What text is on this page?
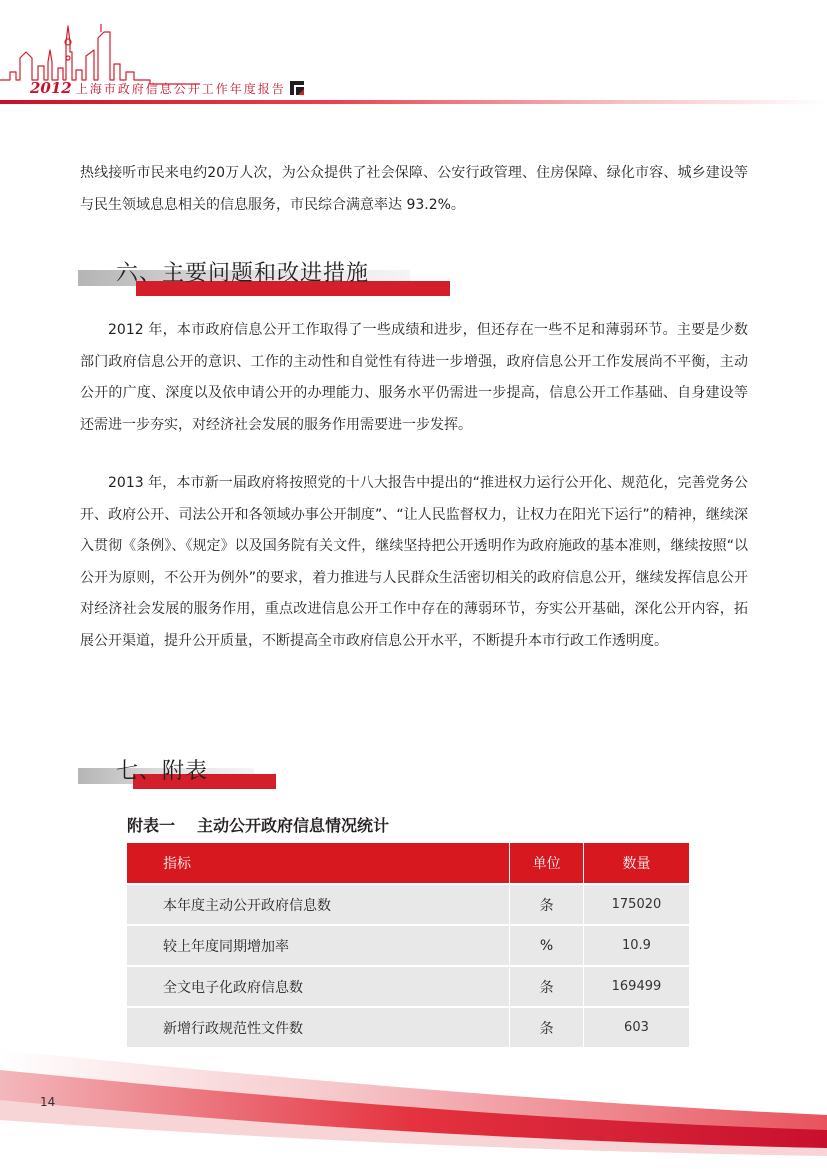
2012 上海市政府信息公开工作年度报告

热线接听市民来电约20万人次，为公众提供了社会保障、公安行政管理、住房保障、绿化市容、城乡建设等与民生领域息息相关的信息服务，市民综合满意率达 93.2%。

六、主要问题和改进措施

2012 年，本市政府信息公开工作取得了一些成绩和进步，但还存在一些不足和薄弱环节。主要是少数部门政府信息公开的意识、工作的主动性和自觉性有待进一步增强，政府信息公开工作发展尚不平衡，主动公开的广度、深度以及依申请公开的办理能力、服务水平仍需进一步提高，信息公开工作基础、自身建设等还需进一步夯实，对经济社会发展的服务作用需要进一步发挥。

2013 年，本市新一届政府将按照党的十八大报告中提出的“推进权力运行公开化、规范化，完善党务公开、政府公开、司法公开和各领域办事公开制度”、“让人民监督权力，让权力在阳光下运行”的精神，继续深入贯彻《条例》、《规定》以及国务院有关文件，继续坚持把公开透明作为政府施政的基本准则，继续按照“以公开为原则，不公开为例外”的要求，着力推进与人民群众生活密切相关的政府信息公开，继续发挥信息公开对经济社会发展的服务作用，重点改进信息公开工作中存在的薄弱环节，夯实公开基础，深化公开内容，拓展公开渠道，提升公开质量，不断提高全市政府信息公开水平，不断提升本市行政工作透明度。

七、附表
附表一 主动公开政府信息情况统计
指标	单位	数量
本年度主动公开政府信息数	条	175020
较上年度同期增加率	%	10.9
全文电子化政府信息数	条	169499
新增行政规范性文件数	条	603
14
